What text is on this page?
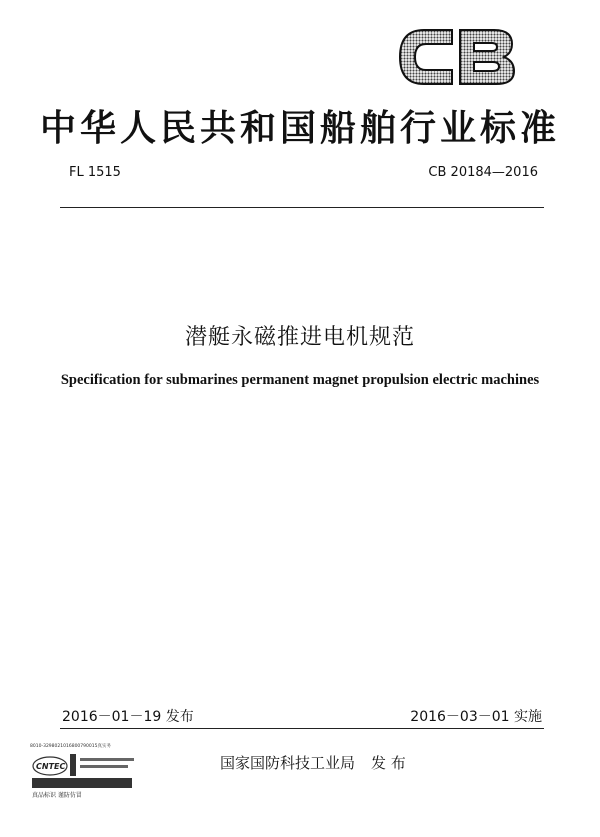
中华人民共和国船舶行业标准
FL 1515	CB 20184—2016
潜艇永磁推进电机规范
Specification for submarines permanent magnet propulsion electric machines
2016－01－19 发布	2016－03－01 实施
国家国防科技工业局 发 布
8010-3298021016800790015真实务
CNTEC
真品标识 谨防仿冒
